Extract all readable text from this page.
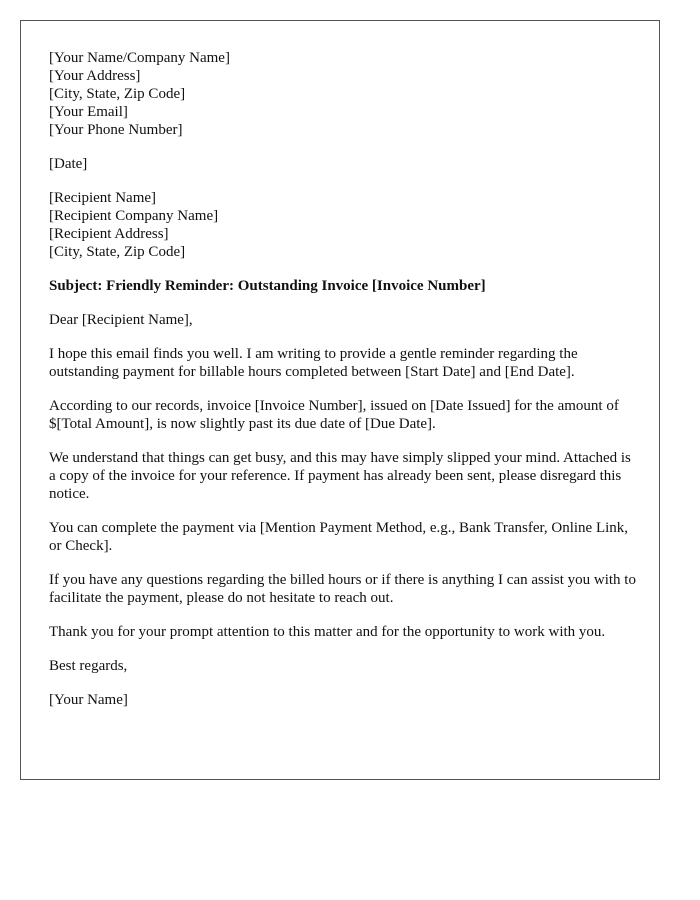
[Your Name/Company Name]
[Your Address]
[City, State, Zip Code]
[Your Email]
[Your Phone Number]
[Date]
[Recipient Name]
[Recipient Company Name]
[Recipient Address]
[City, State, Zip Code]

Subject: Friendly Reminder: Outstanding Invoice [Invoice Number]

Dear [Recipient Name],

I hope this email finds you well. I am writing to provide a gentle reminder regarding the outstanding payment for billable hours completed between [Start Date] and [End Date].

According to our records, invoice [Invoice Number], issued on [Date Issued] for the amount of $[Total Amount], is now slightly past its due date of [Due Date].

We understand that things can get busy, and this may have simply slipped your mind. Attached is a copy of the invoice for your reference. If payment has already been sent, please disregard this notice.

You can complete the payment via [Mention Payment Method, e.g., Bank Transfer, Online Link, or Check].

If you have any questions regarding the billed hours or if there is anything I can assist you with to facilitate the payment, please do not hesitate to reach out.

Thank you for your prompt attention to this matter and for the opportunity to work with you.

Best regards,

[Your Name]
